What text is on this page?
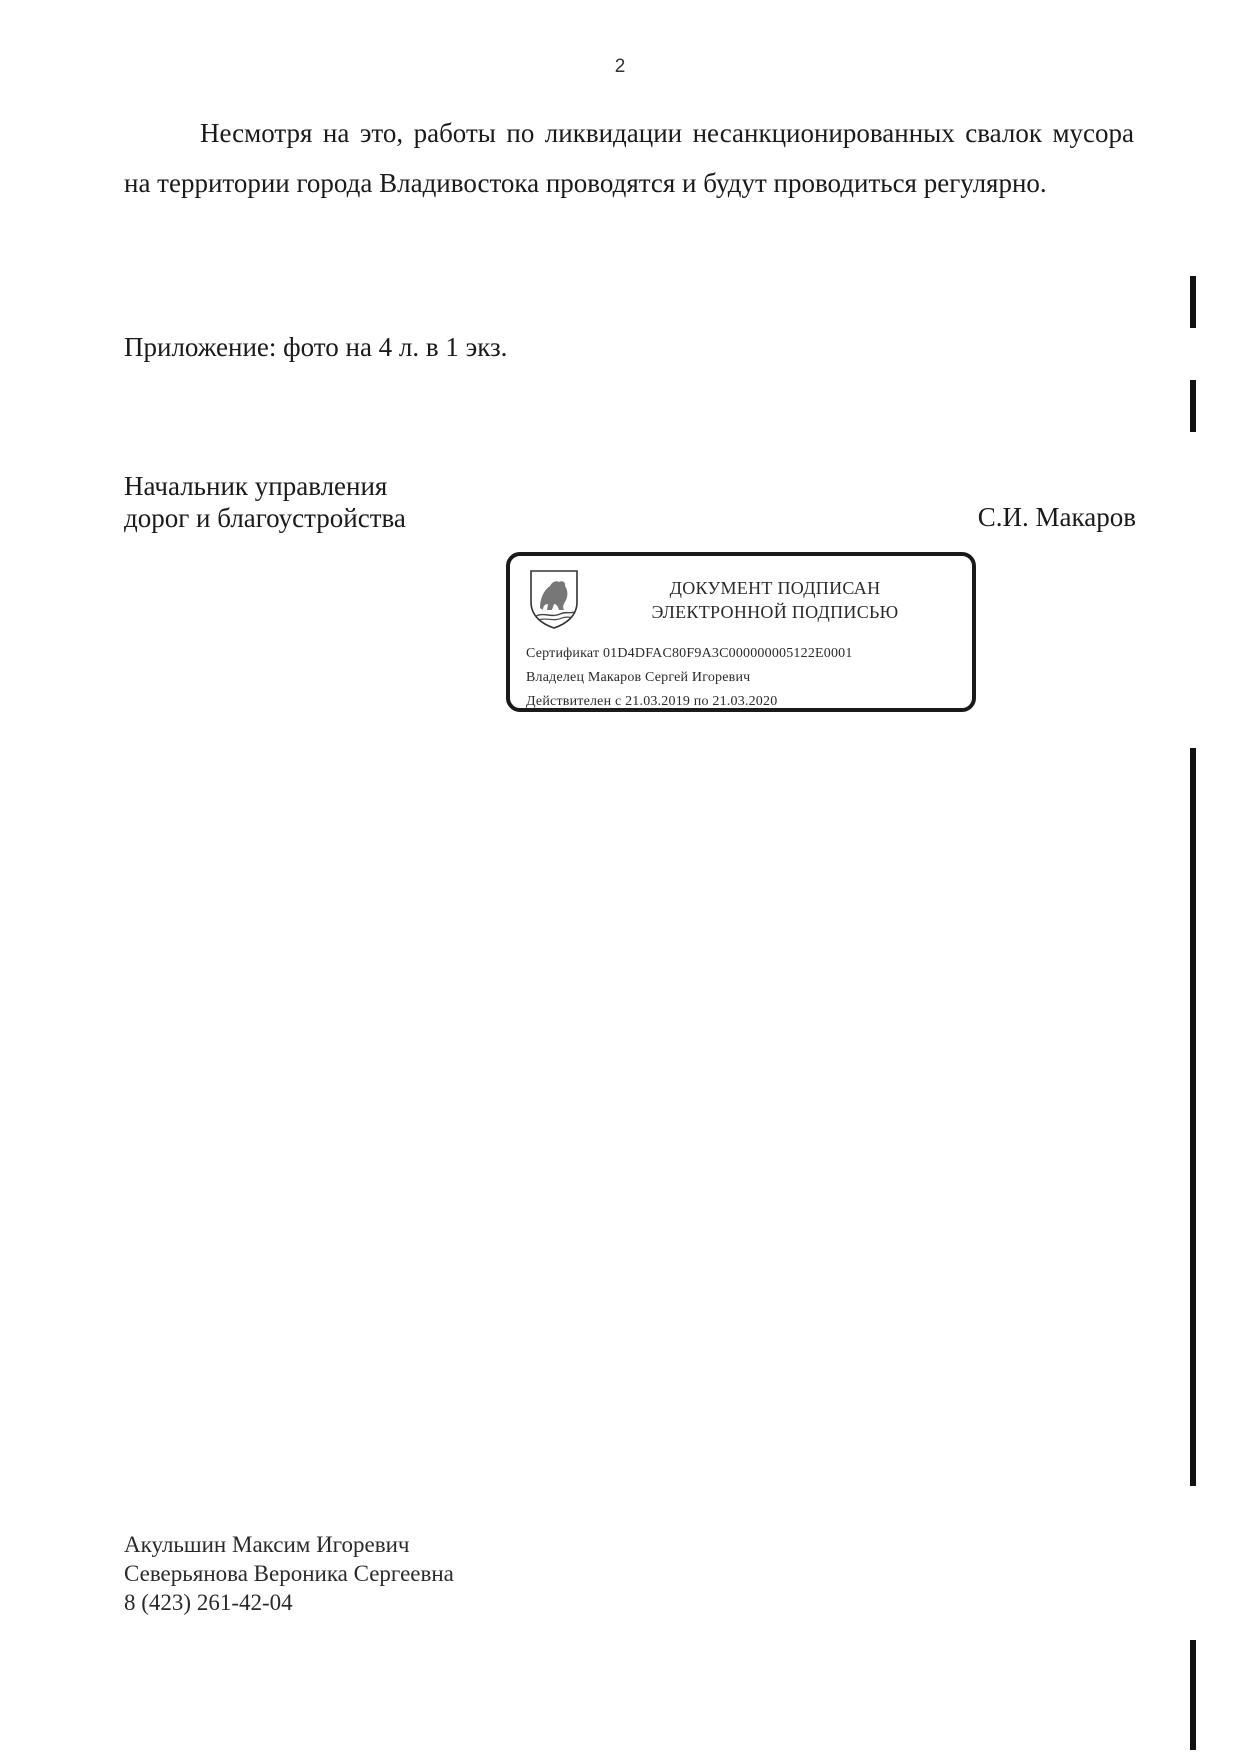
2

Несмотря на это, работы по ликвидации несанкционированных свалок мусора на территории города Владивостока проводятся и будут проводиться регулярно.

Приложение: фото на 4 л. в 1 экз.

Начальник управления
дорог и благоустройства	С.И. Макаров
ДОКУМЕНТ ПОДПИСАН
ЭЛЕКТРОННОЙ ПОДПИСЬЮ
Сертификат 01D4DFAC80F9A3C000000005122E0001
Владелец Макаров Сергей Игоревич
Действителен с 21.03.2019 по 21.03.2020
Акульшин Максим Игоревич
Северьянова Вероника Сергеевна
8 (423) 261-42-04
